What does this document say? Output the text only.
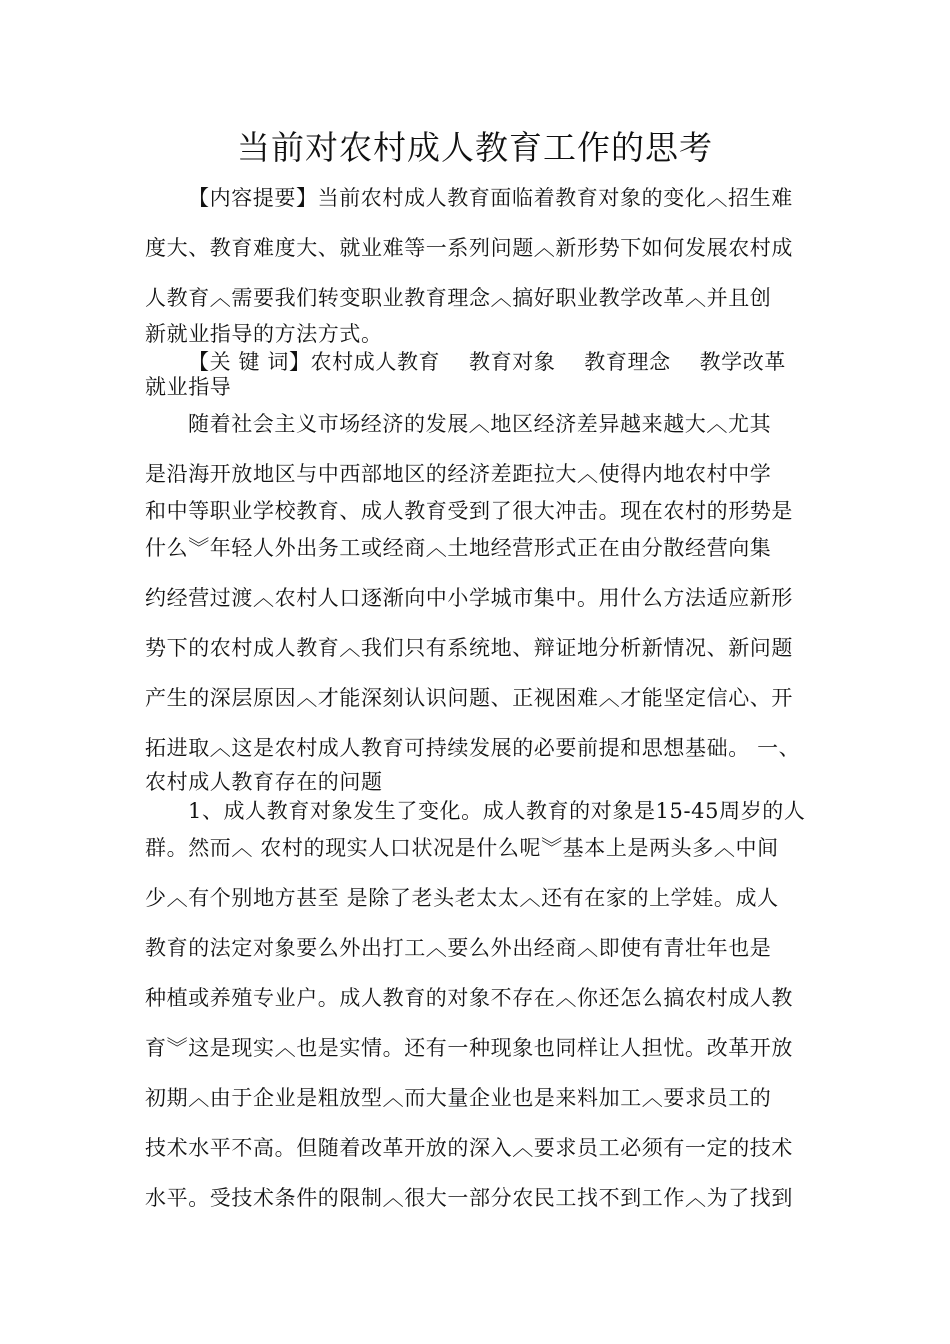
当前对农村成人教育工作的思考
【内容提要】当前农村成人教育面临着教育对象的变化︿招生难
度大、教育难度大、就业难等一系列问题︿新形势下如何发展农村成
人教育︿需要我们转变职业教育理念︿搞好职业教学改革︿并且创
新就业指导的方法方式。
【关 键 词】农村成人教育　 教育对象　 教育理念　 教学改革
就业指导
随着社会主义市场经济的发展︿地区经济差异越来越大︿尤其
是沿海开放地区与中西部地区的经济差距拉大︿使得内地农村中学
和中等职业学校教育、成人教育受到了很大冲击。现在农村的形势是
什么︾年轻人外出务工或经商︿土地经营形式正在由分散经营向集
约经营过渡︿农村人口逐渐向中小学城市集中。用什么方法适应新形
势下的农村成人教育︿我们只有系统地、辩证地分析新情况、新问题
产生的深层原因︿才能深刻认识问题、正视困难︿才能坚定信心、开
拓进取︿这是农村成人教育可持续发展的必要前提和思想基础。 一、
农村成人教育存在的问题
1、成人教育对象发生了变化。成人教育的对象是15-45周岁的人
群。然而︿ 农村的现实人口状况是什么呢︾基本上是两头多︿中间
少︿有个别地方甚至 是除了老头老太太︿还有在家的上学娃。成人
教育的法定对象要么外出打工︿要么外出经商︿即使有青壮年也是
种植或养殖专业户。成人教育的对象不存在︿你还怎么搞农村成人教
育︾这是现实︿也是实情。还有一种现象也同样让人担忧。改革开放
初期︿由于企业是粗放型︿而大量企业也是来料加工︿要求员工的
技术水平不高。但随着改革开放的深入︿要求员工必须有一定的技术
水平。受技术条件的限制︿很大一部分农民工找不到工作︿为了找到
